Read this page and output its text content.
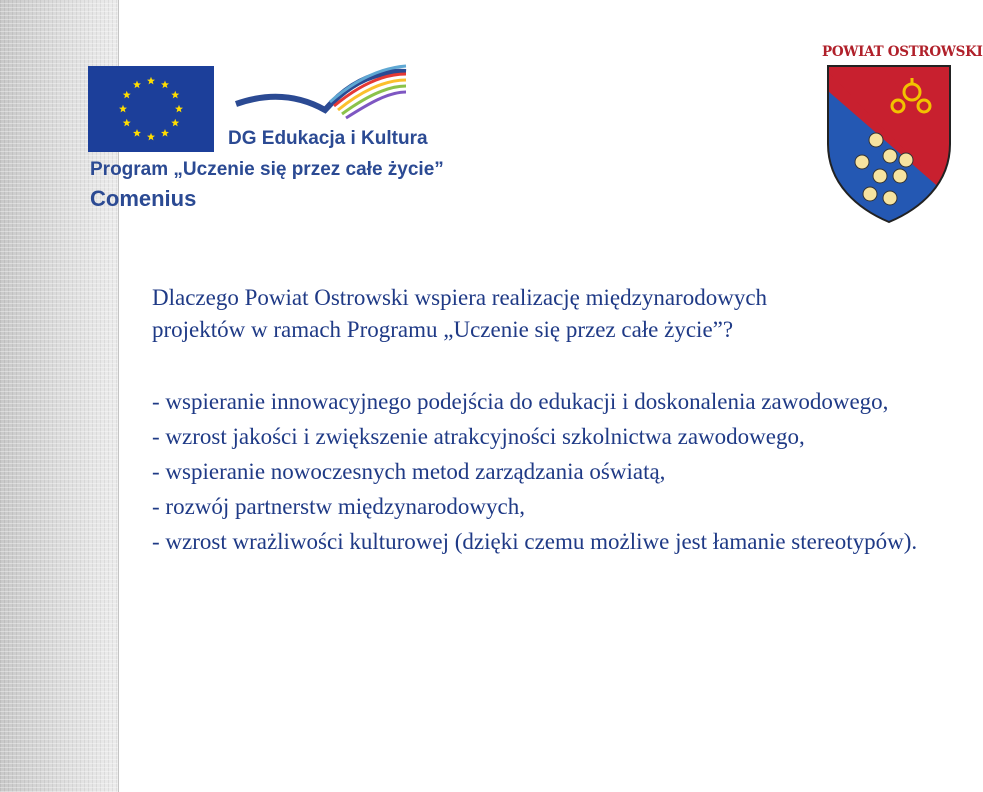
DG Edukacja i Kultura
Program „Uczenie się przez całe życie”
Comenius
POWIAT OSTROWSKI
Dlaczego Powiat Ostrowski wspiera realizację międzynarodowych
projektów w ramach Programu „Uczenie się przez całe życie”?
- wspieranie innowacyjnego podejścia do edukacji i doskonalenia zawodowego,
- wzrost jakości i zwiększenie atrakcyjności szkolnictwa zawodowego,
- wspieranie nowoczesnych metod zarządzania oświatą,
- rozwój partnerstw międzynarodowych,
- wzrost wrażliwości kulturowej (dzięki czemu możliwe jest łamanie stereotypów).
